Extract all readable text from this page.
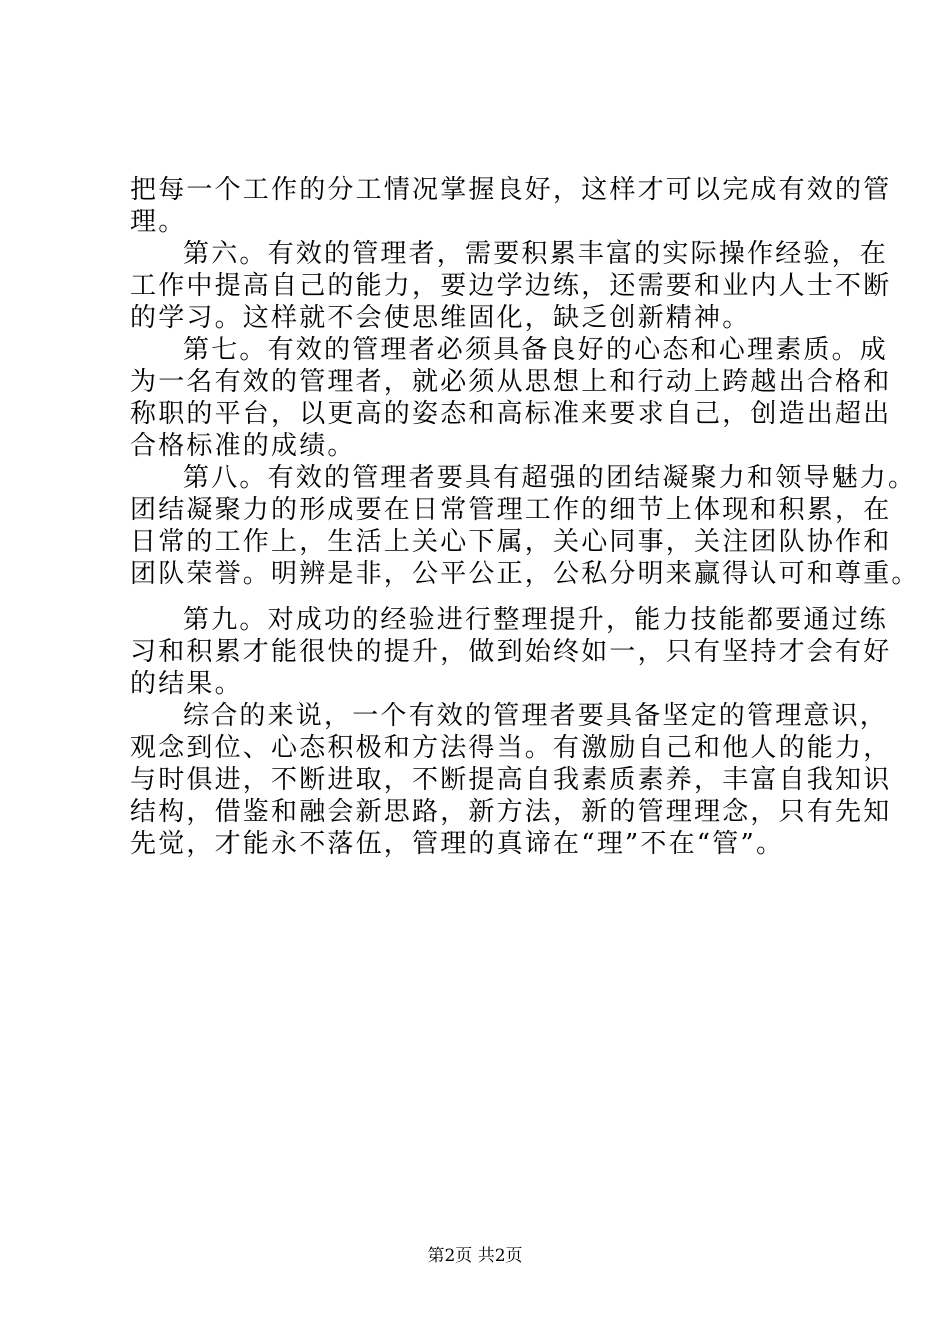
把每一个工作的分工情况掌握良好，这样才可以完成有效的管
理。
第六。有效的管理者，需要积累丰富的实际操作经验，在
工作中提高自己的能力，要边学边练，还需要和业内人士不断
的学习。这样就不会使思维固化，缺乏创新精神。
第七。有效的管理者必须具备良好的心态和心理素质。成
为一名有效的管理者，就必须从思想上和行动上跨越出合格和
称职的平台，以更高的姿态和高标准来要求自己，创造出超出
合格标准的成绩。
第八。有效的管理者要具有超强的团结凝聚力和领导魅力。
团结凝聚力的形成要在日常管理工作的细节上体现和积累，在
日常的工作上，生活上关心下属，关心同事，关注团队协作和
团队荣誉。明辨是非，公平公正，公私分明来赢得认可和尊重。
第九。对成功的经验进行整理提升，能力技能都要通过练
习和积累才能很快的提升，做到始终如一，只有坚持才会有好
的结果。
综合的来说，一个有效的管理者要具备坚定的管理意识，
观念到位、心态积极和方法得当。有激励自己和他人的能力，
与时俱进，不断进取，不断提高自我素质素养，丰富自我知识
结构，借鉴和融会新思路，新方法，新的管理理念，只有先知
先觉，才能永不落伍，管理的真谛在“理”不在“管”。
第2页 共2页
